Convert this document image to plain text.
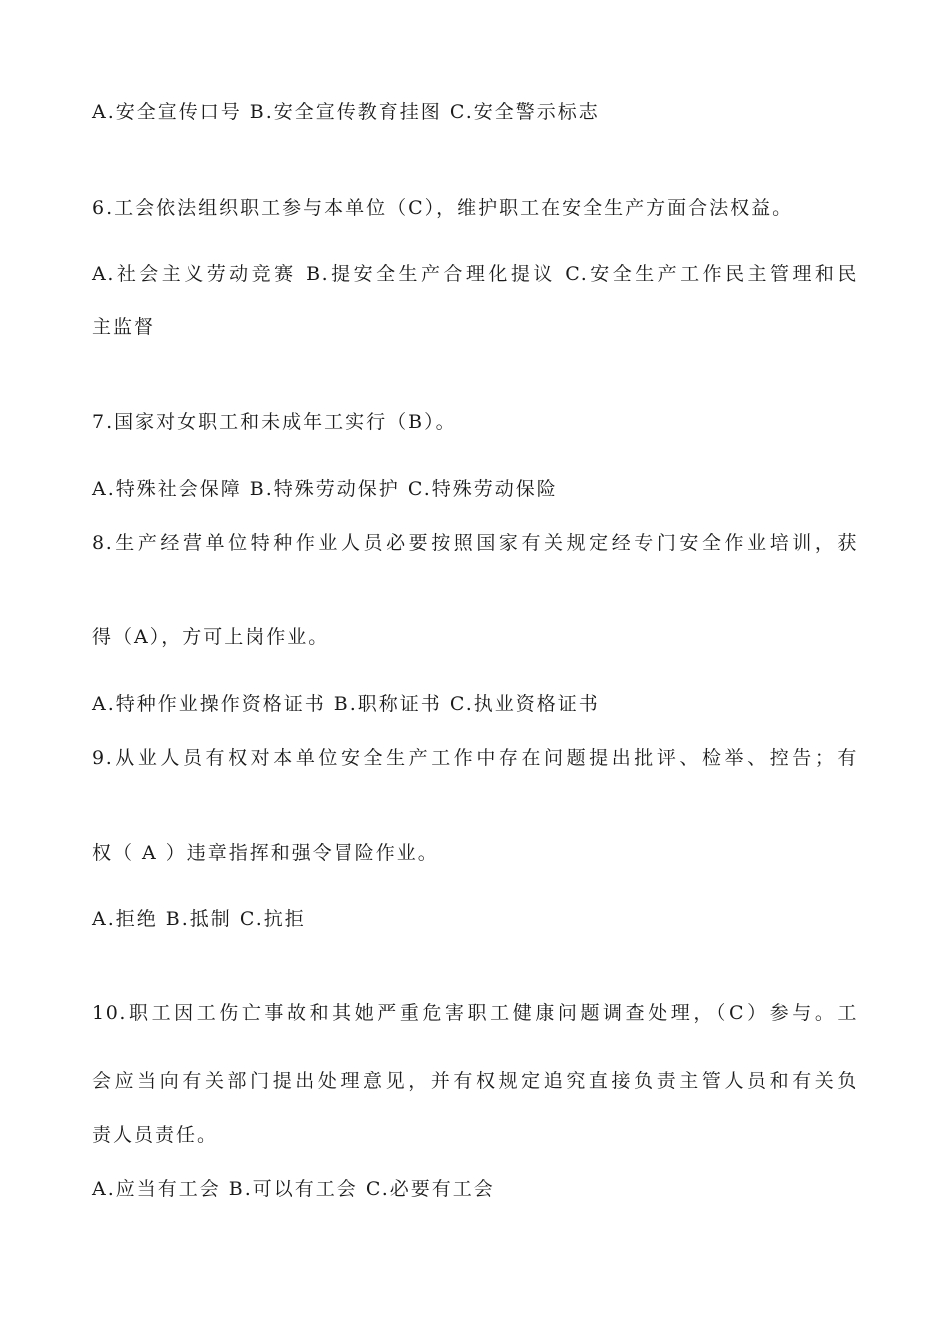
A.安全宣传口号 B.安全宣传教育挂图 C.安全警示标志
6.工会依法组织职工参与本单位（C），维护职工在安全生产方面合法权益。
A.社会主义劳动竞赛 B.提安全生产合理化提议 C.安全生产工作民主管理和民
主监督
7.国家对女职工和未成年工实行（B）。
A.特殊社会保障 B.特殊劳动保护 C.特殊劳动保险
8.生产经营单位特种作业人员必要按照国家有关规定经专门安全作业培训，获
得（A），方可上岗作业。
A.特种作业操作资格证书 B.职称证书 C.执业资格证书
9.从业人员有权对本单位安全生产工作中存在问题提出批评、检举、控告；有
权（ A ）违章指挥和强令冒险作业。
A.拒绝 B.抵制 C.抗拒
10.职工因工伤亡事故和其她严重危害职工健康问题调查处理，（C）参与。工
会应当向有关部门提出处理意见，并有权规定追究直接负责主管人员和有关负
责人员责任。
A.应当有工会 B.可以有工会 C.必要有工会
